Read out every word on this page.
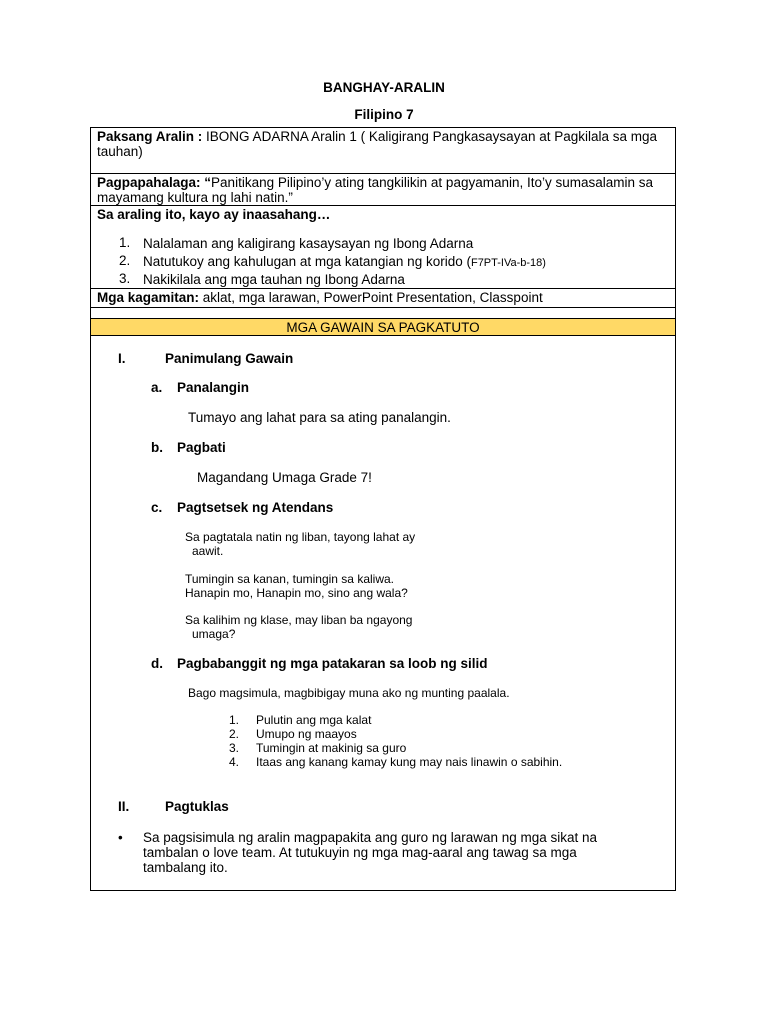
BANGHAY-ARALIN
Filipino 7
Paksang Aralin : IBONG ADARNA Aralin 1 ( Kaligirang Pangkasaysayan at Pagkilala sa mga tauhan)
Pagpapahalaga: “Panitikang Pilipino’y ating tangkilikin at pagyamanin, Ito’y sumasalamin sa mayamang kultura ng lahi natin.”
Sa araling ito, kayo ay inaasahang…
1. Nalalaman ang kaligirang kasaysayan ng Ibong Adarna
2. Natutukoy ang kahulugan at mga katangian ng korido (F7PT-IVa-b-18)
3. Nakikilala ang mga tauhan ng Ibong Adarna
Mga kagamitan: aklat, mga larawan, PowerPoint Presentation, Classpoint
MGA GAWAIN SA PAGKATUTO
I.	Panimulang Gawain
a. Panalangin
Tumayo ang lahat para sa ating panalangin.
b. Pagbati
Magandang Umaga Grade 7!
c. Pagtsetsek ng Atendans
Sa pagtatala natin ng liban, tayong lahat ay
aawit.
Tumingin sa kanan, tumingin sa kaliwa.
Hanapin mo, Hanapin mo, sino ang wala?
Sa kalihim ng klase, may liban ba ngayong
umaga?
d. Pagbabanggit ng mga patakaran sa loob ng silid
Bago magsimula, magbibigay muna ako ng munting paalala.
1. Pulutin ang mga kalat
2. Umupo ng maayos
3. Tumingin at makinig sa guro
4. Itaas ang kanang kamay kung may nais linawin o sabihin.
II.	Pagtuklas
• Sa pagsisimula ng aralin magpapakita ang guro ng larawan ng mga sikat na
tambalan o love team. At tutukuyin ng mga mag-aaral ang tawag sa mga
tambalang ito.
